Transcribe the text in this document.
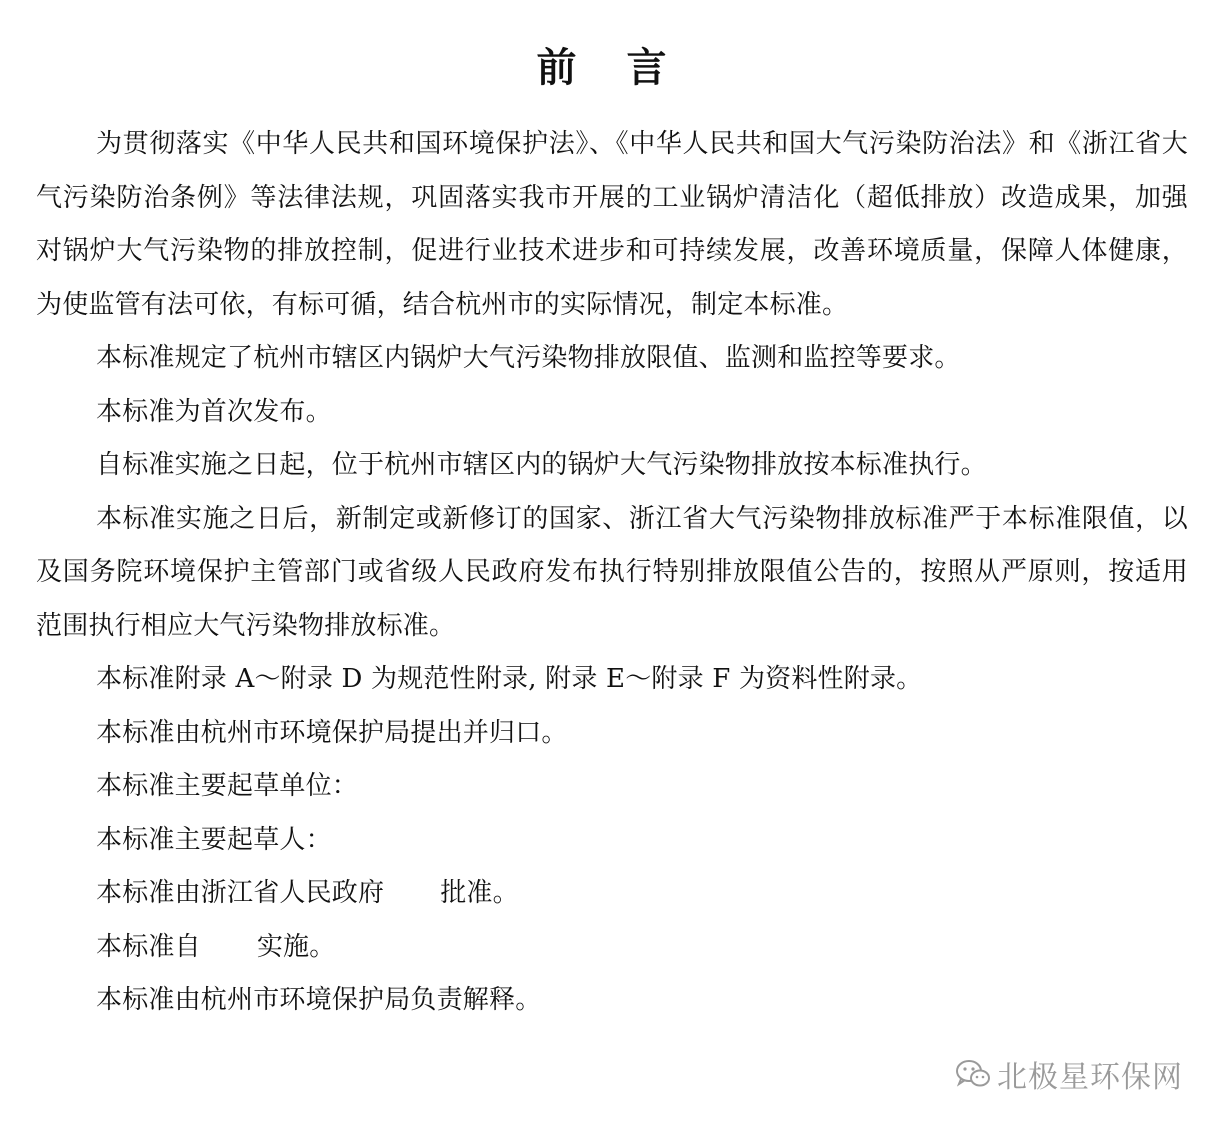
前 言

为贯彻落实《中华人民共和国环境保护法》、《中华人民共和国大气污染防治法》和《浙江省大气污染防治条例》等法律法规，巩固落实我市开展的工业锅炉清洁化（超低排放）改造成果，加强对锅炉大气污染物的排放控制，促进行业技术进步和可持续发展，改善环境质量，保障人体健康，为使监管有法可依，有标可循，结合杭州市的实际情况，制定本标准。

本标准规定了杭州市辖区内锅炉大气污染物排放限值、监测和监控等要求。

本标准为首次发布。

自标准实施之日起，位于杭州市辖区内的锅炉大气污染物排放按本标准执行。

本标准实施之日后，新制定或新修订的国家、浙江省大气污染物排放标准严于本标准限值，以及国务院环境保护主管部门或省级人民政府发布执行特别排放限值公告的，按照从严原则，按适用范围执行相应大气污染物排放标准。

本标准附录 A～附录 D 为规范性附录, 附录 E～附录 F 为资料性附录。

本标准由杭州市环境保护局提出并归口。

本标准主要起草单位：

本标准主要起草人：

本标准由浙江省人民政府 批准。

本标准自 实施。

本标准由杭州市环境保护局负责解释。

北极星环保网
